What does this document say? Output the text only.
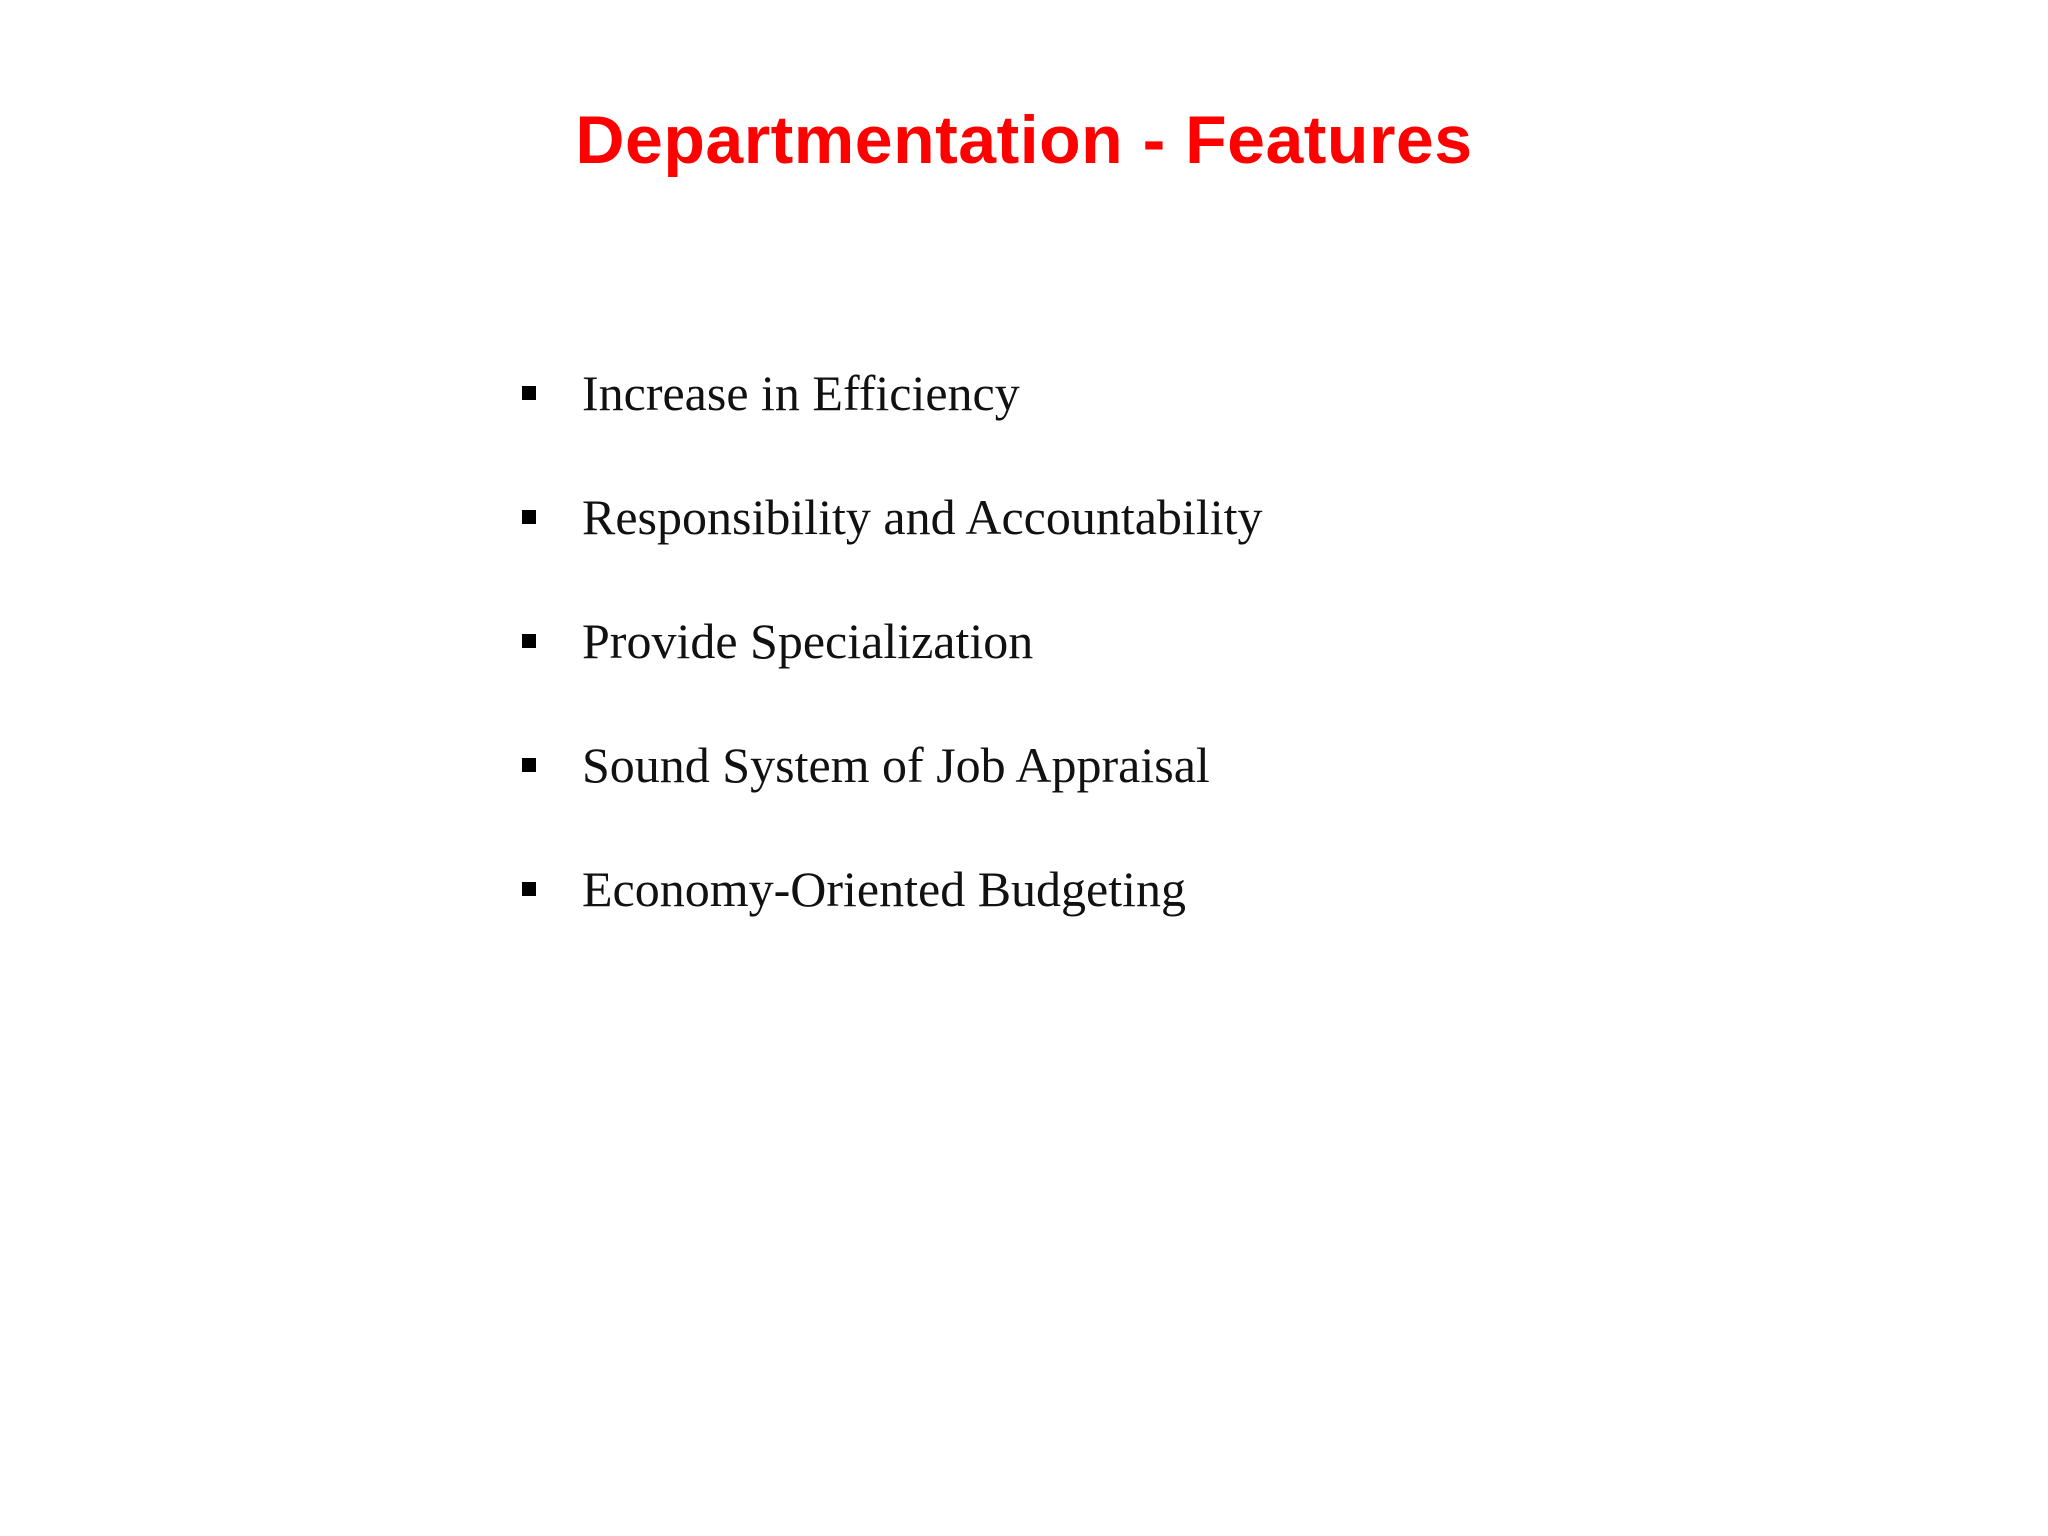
Departmentation - Features
Increase in Efficiency
Responsibility and Accountability
Provide Specialization
Sound System of Job Appraisal
Economy-Oriented Budgeting
